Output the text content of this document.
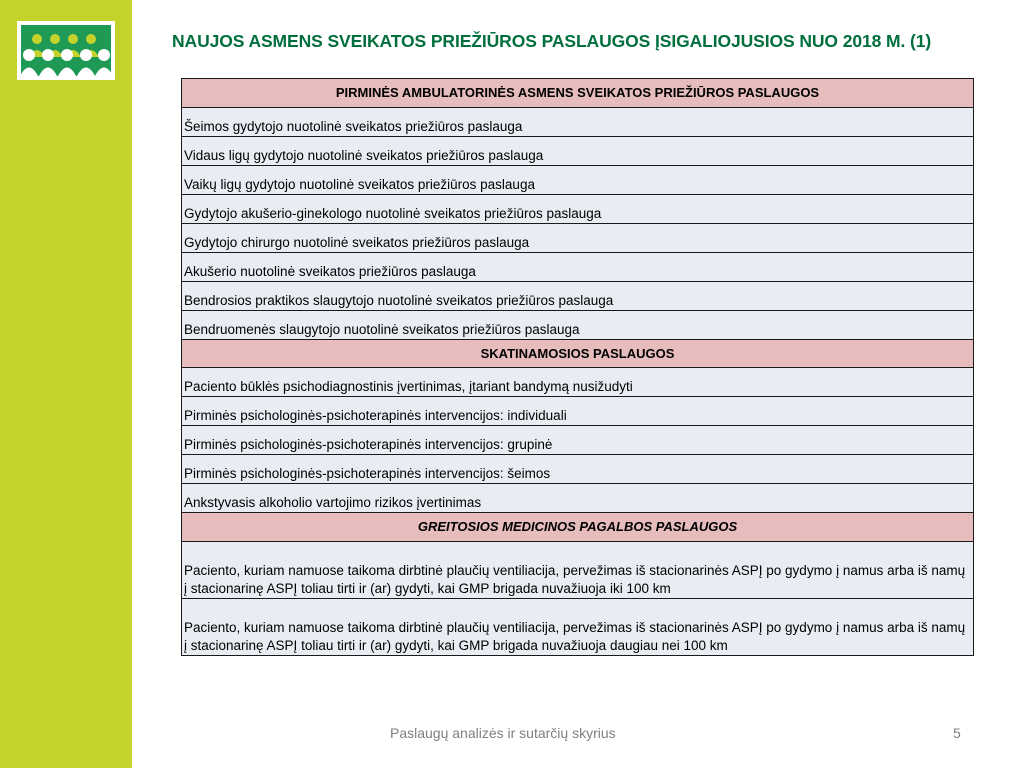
NAUJOS ASMENS SVEIKATOS PRIEŽIŪROS PASLAUGOS ĮSIGALIOJUSIOS NUO 2018 M. (1)
PIRMINĖS AMBULATORINĖS ASMENS SVEIKATOS PRIEŽIŪROS PASLAUGOS
Šeimos gydytojo nuotolinė sveikatos priežiūros paslauga
Vidaus ligų gydytojo nuotolinė sveikatos priežiūros paslauga
Vaikų ligų gydytojo nuotolinė sveikatos priežiūros paslauga
Gydytojo akušerio-ginekologo nuotolinė sveikatos priežiūros paslauga
Gydytojo chirurgo nuotolinė sveikatos priežiūros paslauga
Akušerio nuotolinė sveikatos priežiūros paslauga
Bendrosios praktikos slaugytojo nuotolinė sveikatos priežiūros paslauga
Bendruomenės slaugytojo nuotolinė sveikatos priežiūros paslauga
SKATINAMOSIOS PASLAUGOS
Paciento būklės psichodiagnostinis įvertinimas, įtariant bandymą nusižudyti
Pirminės psichologinės-psichoterapinės intervencijos: individuali
Pirminės psichologinės-psichoterapinės intervencijos: grupinė
Pirminės psichologinės-psichoterapinės intervencijos: šeimos
Ankstyvasis alkoholio vartojimo rizikos įvertinimas
GREITOSIOS MEDICINOS PAGALBOS PASLAUGOS

Pacientο, kuriam namuose taikoma dirbtinė plaučių ventiliacija, pervežimas iš stacionarinės ASPĮ po gydymo į namus arba iš namų į stacionarinę ASPĮ toliau tirti ir (ar) gydyti, kai GMP brigada nuvažiuoja iki 100 km

Paciento, kuriam namuose taikoma dirbtinė plaučių ventiliacija, pervežimas iš stacionarinės ASPĮ po gydymo į namus arba iš namų į stacionarinę ASPĮ toliau tirti ir (ar) gydyti, kai GMP brigada nuvažiuoja daugiau nei 100 km
Paslaugų analizės ir sutarčių skyrius	5
